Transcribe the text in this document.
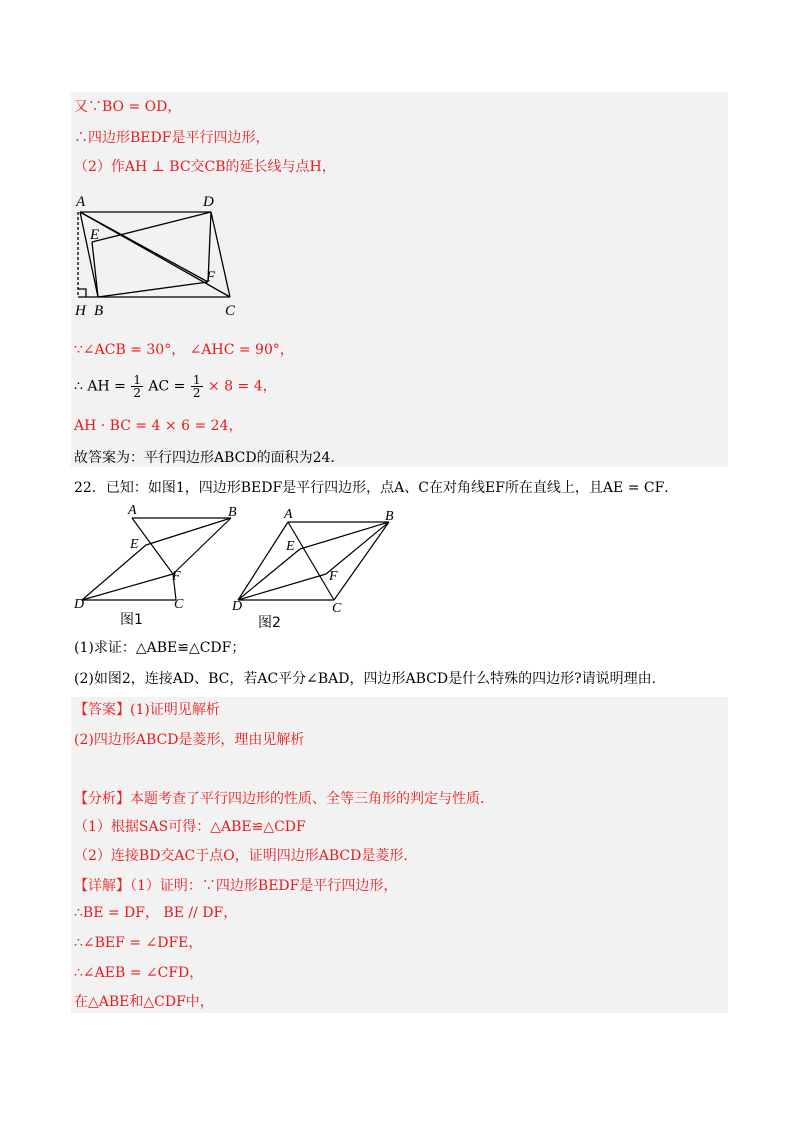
又∵BO = OD，
∴四边形BEDF是平行四边形，
（2）作AH ⊥ BC交CB的延长线与点H，
A	D
E
F
H B	C
∵∠ACB = 30°， ∠AHC = 90°，
∴ AH = $\frac{1}{2}$ AC = $\frac{1}{2} \times 8 = 4$，
AH · BC = 4 × 6 = 24，
故答案为：平行四边形ABCD的面积为24．
22．已知：如图1，四边形BEDF是平行四边形，点A、C在对角线EF所在直线上，且AE = CF．
A	B
E
F
D	C
图1
A	B
E
F
D	C
图2
(1)求证：△ABE≌△CDF；
(2)如图2，连接AD、BC，若AC平分∠BAD，四边形ABCD是什么特殊的四边形?请说明理由.
【答案】(1)证明见解析
(2)四边形ABCD是菱形，理由见解析
【分析】本题考查了平行四边形的性质、全等三角形的判定与性质．
（1）根据SAS可得：△ABE≌△CDF
（2）连接BD交AC于点O，证明四边形ABCD是菱形．
【详解】（1）证明：∵四边形BEDF是平行四边形，
∴BE = DF， BE // DF，
∴∠BEF = ∠DFE，
∴∠AEB = ∠CFD，
在△ABE和△CDF中，
